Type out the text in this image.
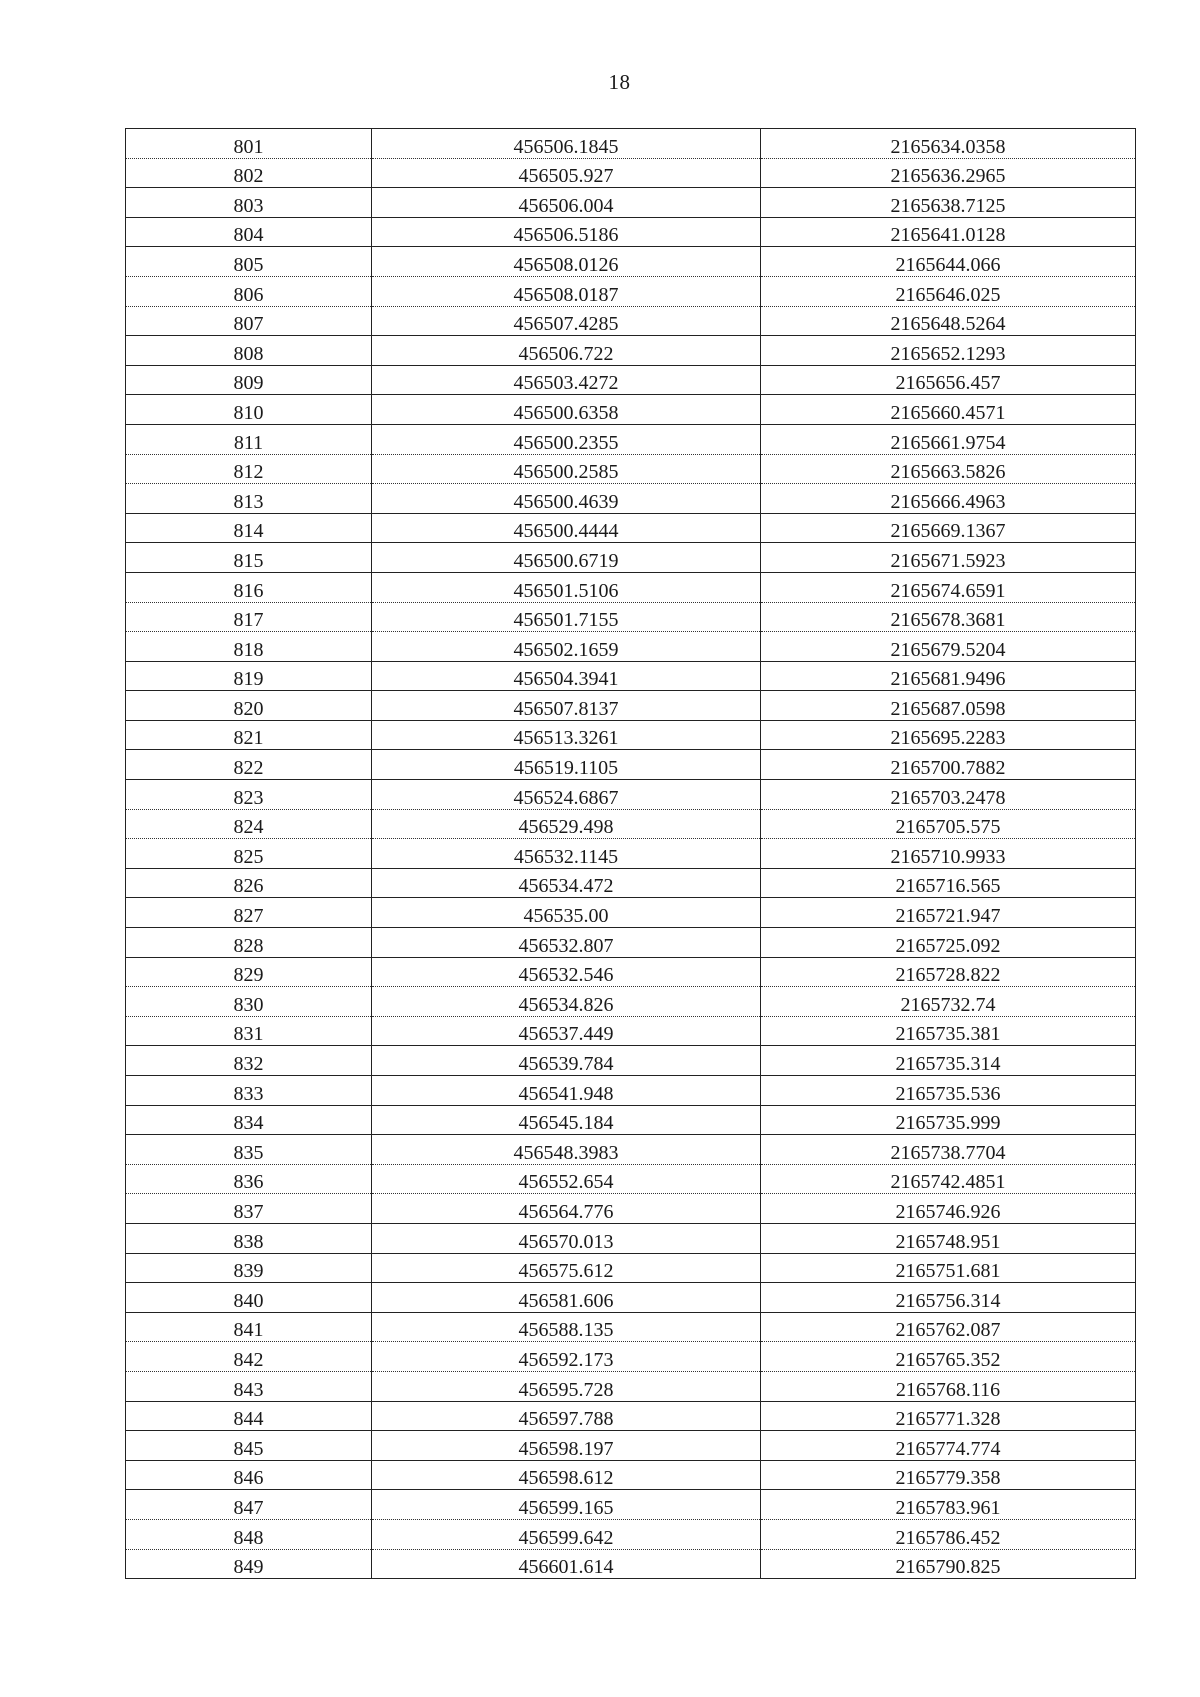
18
801	456506.1845	2165634.0358
802	456505.927	2165636.2965
803	456506.004	2165638.7125
804	456506.5186	2165641.0128
805	456508.0126	2165644.066
806	456508.0187	2165646.025
807	456507.4285	2165648.5264
808	456506.722	2165652.1293
809	456503.4272	2165656.457
810	456500.6358	2165660.4571
811	456500.2355	2165661.9754
812	456500.2585	2165663.5826
813	456500.4639	2165666.4963
814	456500.4444	2165669.1367
815	456500.6719	2165671.5923
816	456501.5106	2165674.6591
817	456501.7155	2165678.3681
818	456502.1659	2165679.5204
819	456504.3941	2165681.9496
820	456507.8137	2165687.0598
821	456513.3261	2165695.2283
822	456519.1105	2165700.7882
823	456524.6867	2165703.2478
824	456529.498	2165705.575
825	456532.1145	2165710.9933
826	456534.472	2165716.565
827	456535.00	2165721.947
828	456532.807	2165725.092
829	456532.546	2165728.822
830	456534.826	2165732.74
831	456537.449	2165735.381
832	456539.784	2165735.314
833	456541.948	2165735.536
834	456545.184	2165735.999
835	456548.3983	2165738.7704
836	456552.654	2165742.4851
837	456564.776	2165746.926
838	456570.013	2165748.951
839	456575.612	2165751.681
840	456581.606	2165756.314
841	456588.135	2165762.087
842	456592.173	2165765.352
843	456595.728	2165768.116
844	456597.788	2165771.328
845	456598.197	2165774.774
846	456598.612	2165779.358
847	456599.165	2165783.961
848	456599.642	2165786.452
849	456601.614	2165790.825
